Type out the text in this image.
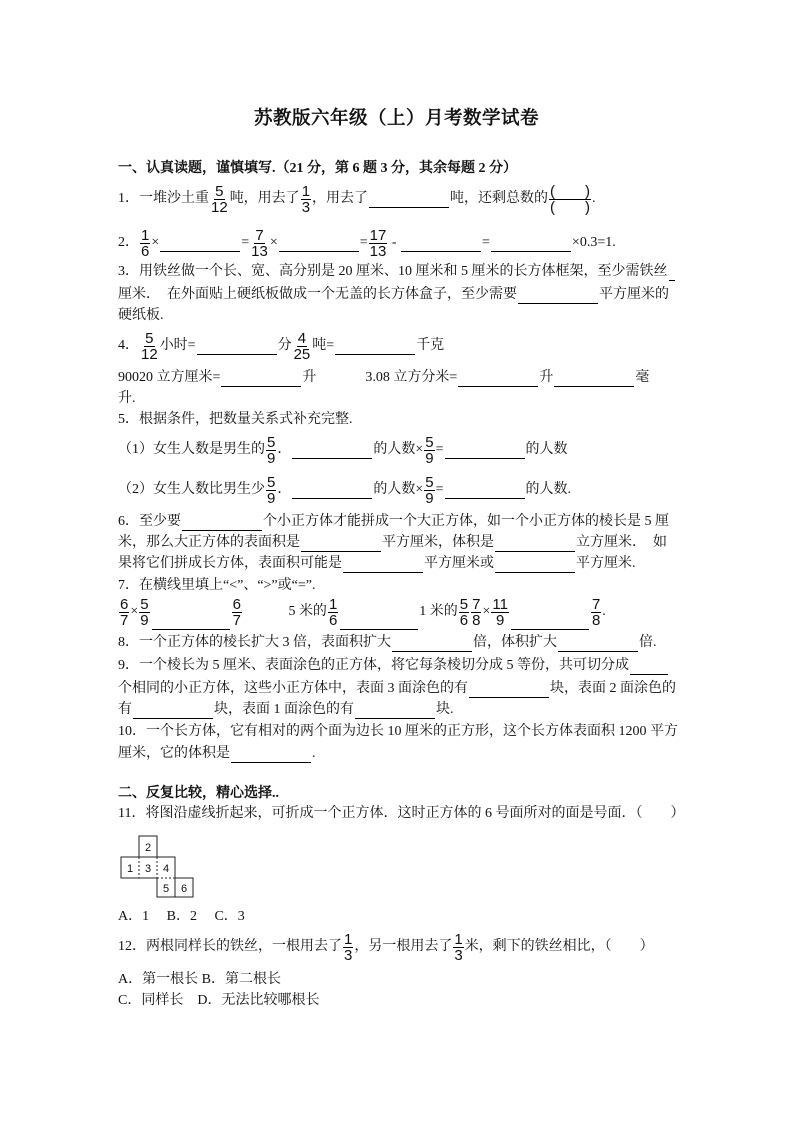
苏教版六年级（上）月考数学试卷
一、认真读题，谨慎填写.（21 分，第 6 题 3 分，其余每题 2 分）
1．一堆沙土重 $\frac{5}{12}$ 吨，用去了 $\frac{1}{3}$ ，用去了	吨，还剩总数的 $\frac{( )}{( )}$ .
2． $\frac{1}{6}$ ×	= $\frac{7}{13}$ ×	= $\frac{17}{13}$ -	=	×0.3=1.
3．用铁丝做一个长、宽、高分别是 20 厘米、10 厘米和 5 厘米的长方体框架，至少需铁丝
厘米．  在外面贴上硬纸板做成一个无盖的长方体盒子，至少需要	平方厘米的
硬纸板.
4． $\frac{5}{12}$ 小时=	分 $\frac{4}{25}$ 吨=	千克
90020 立方厘米=	升              3.08 立方分米=	升	毫
升.
5．根据条件，把数量关系式补充完整.
（1）女生人数是男生的 $\frac{5}{9}$ ．	的人数× $\frac{5}{9}$ =	的人数
（2）女生人数比男生少 $\frac{5}{9}$ ．	的人数× $\frac{5}{9}$ =	的人数.
6．至少要	个小正方体才能拼成一个大正方体，如一个小正方体的棱长是 5 厘
米，那么大正方体的表面积是	平方厘米，体积是	立方厘米．  如
果将它们拼成长方体，表面积可能是	平方厘米或	平方厘米.
7．在横线里填上“<”、“>”或“=”.
$\frac{6}{7} \times \frac{5}{9}$	$\frac{6}{7} 5$ 米的 $\frac{1}{6}$	1 米的 $\frac{5}{6} \frac{7}{8} \times \frac{11}{9}$	$\frac{7}{8}$ .
8．一个正方体的棱长扩大 3 倍，表面积扩大	倍，体积扩大	倍.
9．一个棱长为 5 厘米、表面涂色的正方体，将它每条棱切分成 5 等份，共可切分成
个相同的小正方体，这些小正方体中，表面 3 面涂色的有	块，表面 2 面涂色的
有	块，表面 1 面涂色的有	块.
10．一个长方体，它有相对的两个面为边长 10 厘米的正方形，这个长方体表面积 1200 平方
厘米，它的体积是	.
二、反复比较，精心选择..
11．将图沿虚线折起来，可折成一个正方体．这时正方体的 6 号面所对的面是号面．（        ）
A．1     B．2     C．3
12．两根同样长的铁丝，一根用去了 $\frac{1}{3}$ ，另一根用去了 $\frac{1}{3}$ 米，剩下的铁丝相比，（        ）
A．第一根长 B．第二根长
C．同样长    D．无法比较哪根长
2
1 3 4
5 6
